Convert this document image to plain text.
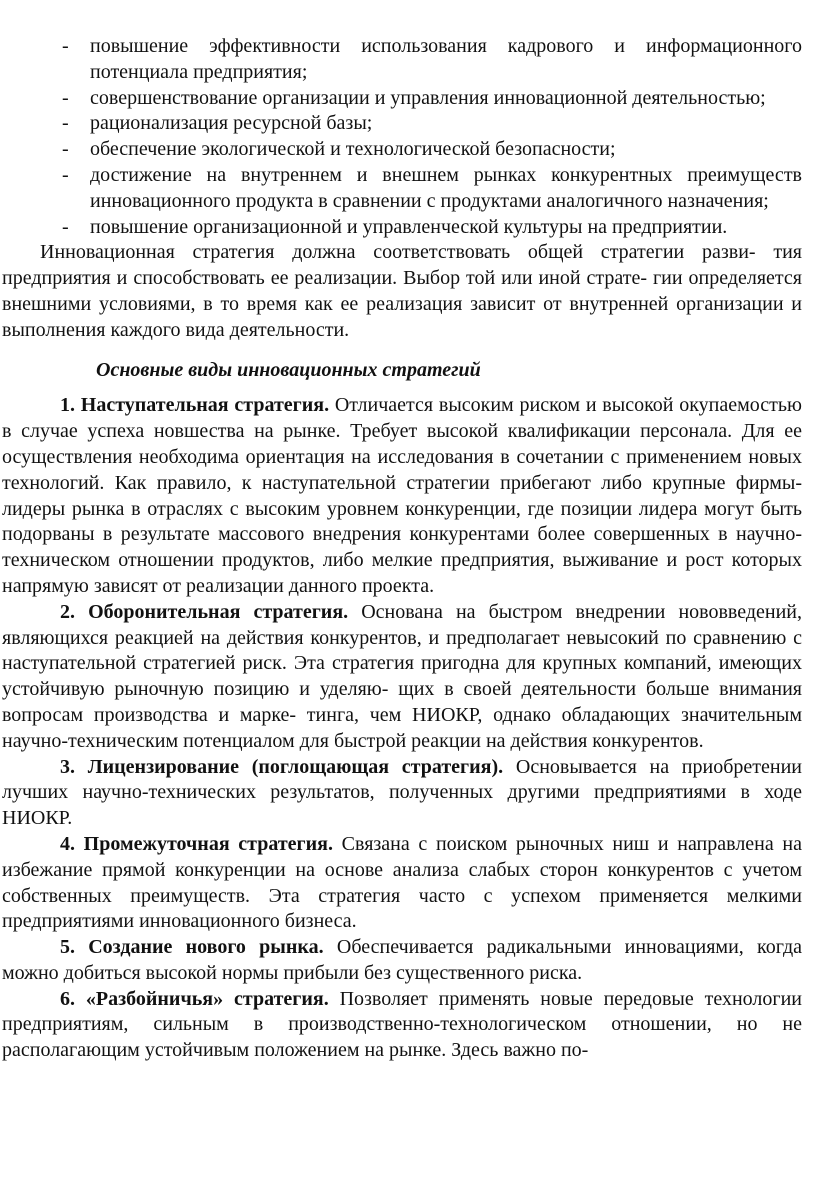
-	повышение эффективности использования кадрового и информационного потенциала предприятия;
-	совершенствование организации и управления инновационной деятельностью;
-	рационализация ресурсной базы;
-	обеспечение экологической и технологической безопасности;
-	достижение на внутреннем и внешнем рынках конкурентных преимуществ инновационного продукта в сравнении с продуктами аналогичного назначения;
-	повышение организационной и управленческой культуры на предприятии.

Инновационная стратегия должна соответствовать общей стратегии разви- тия предприятия и способствовать ее реализации. Выбор той или иной страте- гии определяется внешними условиями, в то время как ее реализация зависит от внутренней организации и выполнения каждого вида деятельности.

Основные виды инновационных стратегий

1. Наступательная стратегия. Отличается высоким риском и высокой окупаемостью в случае успеха новшества на рынке. Требует высокой квалификации персонала. Для ее осуществления необходима ориентация на исследования в сочетании с применением новых технологий. Как правило, к наступательной стратегии прибегают либо крупные фирмы-лидеры рынка в отраслях с высоким уровнем конкуренции, где позиции лидера могут быть подорваны в результате массового внедрения конкурентами более совершенных в научно-техническом отношении продуктов, либо мелкие предприятия, выживание и рост которых напрямую зависят от реализации данного проекта.

2. Оборонительная стратегия. Основана на быстром внедрении нововведений, являющихся реакцией на действия конкурентов, и предполагает невысокий по сравнению с наступательной стратегией риск. Эта стратегия пригодна для крупных компаний, имеющих устойчивую рыночную позицию и уделяю- щих в своей деятельности больше внимания вопросам производства и марке- тинга, чем НИОКР, однако обладающих значительным научно-техническим потенциалом для быстрой реакции на действия конкурентов.

3. Лицензирование (поглощающая стратегия). Основывается на приобретении лучших научно-технических результатов, полученных другими предприятиями в ходе НИОКР.

4. Промежуточная стратегия. Связана с поиском рыночных ниш и направлена на избежание прямой конкуренции на основе анализа слабых сторон конкурентов с учетом собственных преимуществ. Эта стратегия часто с успехом применяется мелкими предприятиями инновационного бизнеса.

5. Создание нового рынка. Обеспечивается радикальными инновациями, когда можно добиться высокой нормы прибыли без существенного риска.

6. «Разбойничья» стратегия. Позволяет применять новые передовые технологии предприятиям, сильным в производственно-технологическом отношении, но не располагающим устойчивым положением на рынке. Здесь важно по-
